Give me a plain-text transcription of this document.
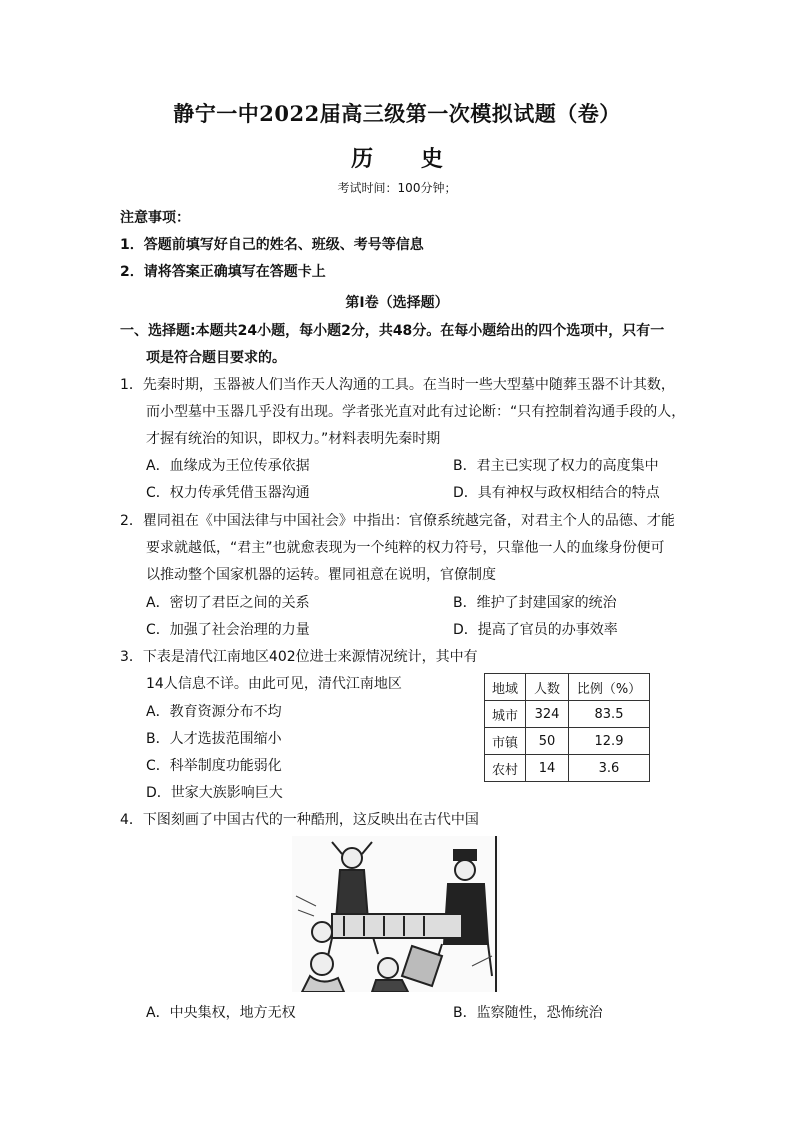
静宁一中2022届高三级第一次模拟试题（卷）
历 史
考试时间：100分钟；
注意事项：
1．答题前填写好自己的姓名、班级、考号等信息
2．请将答案正确填写在答题卡上
第I卷（选择题）
一、选择题:本题共24小题，每小题2分，共48分。在每小题给出的四个选项中，只有一
项是符合题目要求的。
1．先秦时期，玉器被人们当作天人沟通的工具。在当时一些大型墓中随葬玉器不计其数，
而小型墓中玉器几乎没有出现。学者张光直对此有过论断：“只有控制着沟通手段的人，
才握有统治的知识，即权力。”材料表明先秦时期
A．血缘成为王位传承依据	B．君主已实现了权力的高度集中
C．权力传承凭借玉器沟通	D．具有神权与政权相结合的特点
2．瞿同祖在《中国法律与中国社会》中指出：官僚系统越完备，对君主个人的品德、才能
要求就越低，“君主”也就愈表现为一个纯粹的权力符号，只靠他一人的血缘身份便可
以推动整个国家机器的运转。瞿同祖意在说明，官僚制度
A．密切了君臣之间的关系	B．维护了封建国家的统治
C．加强了社会治理的力量	D．提高了官员的办事效率
3．下表是清代江南地区402位进士来源情况统计，其中有
14人信息不详。由此可见，清代江南地区
A．教育资源分布不均
B．人才选拔范围缩小
C．科举制度功能弱化
D．世家大族影响巨大
地域	人数	比例（%）
城市	324	83.5
市镇	50	12.9
农村	14	3.6
4．下图刻画了中国古代的一种酷刑，这反映出在古代中国
A．中央集权，地方无权	B．监察随性，恐怖统治
